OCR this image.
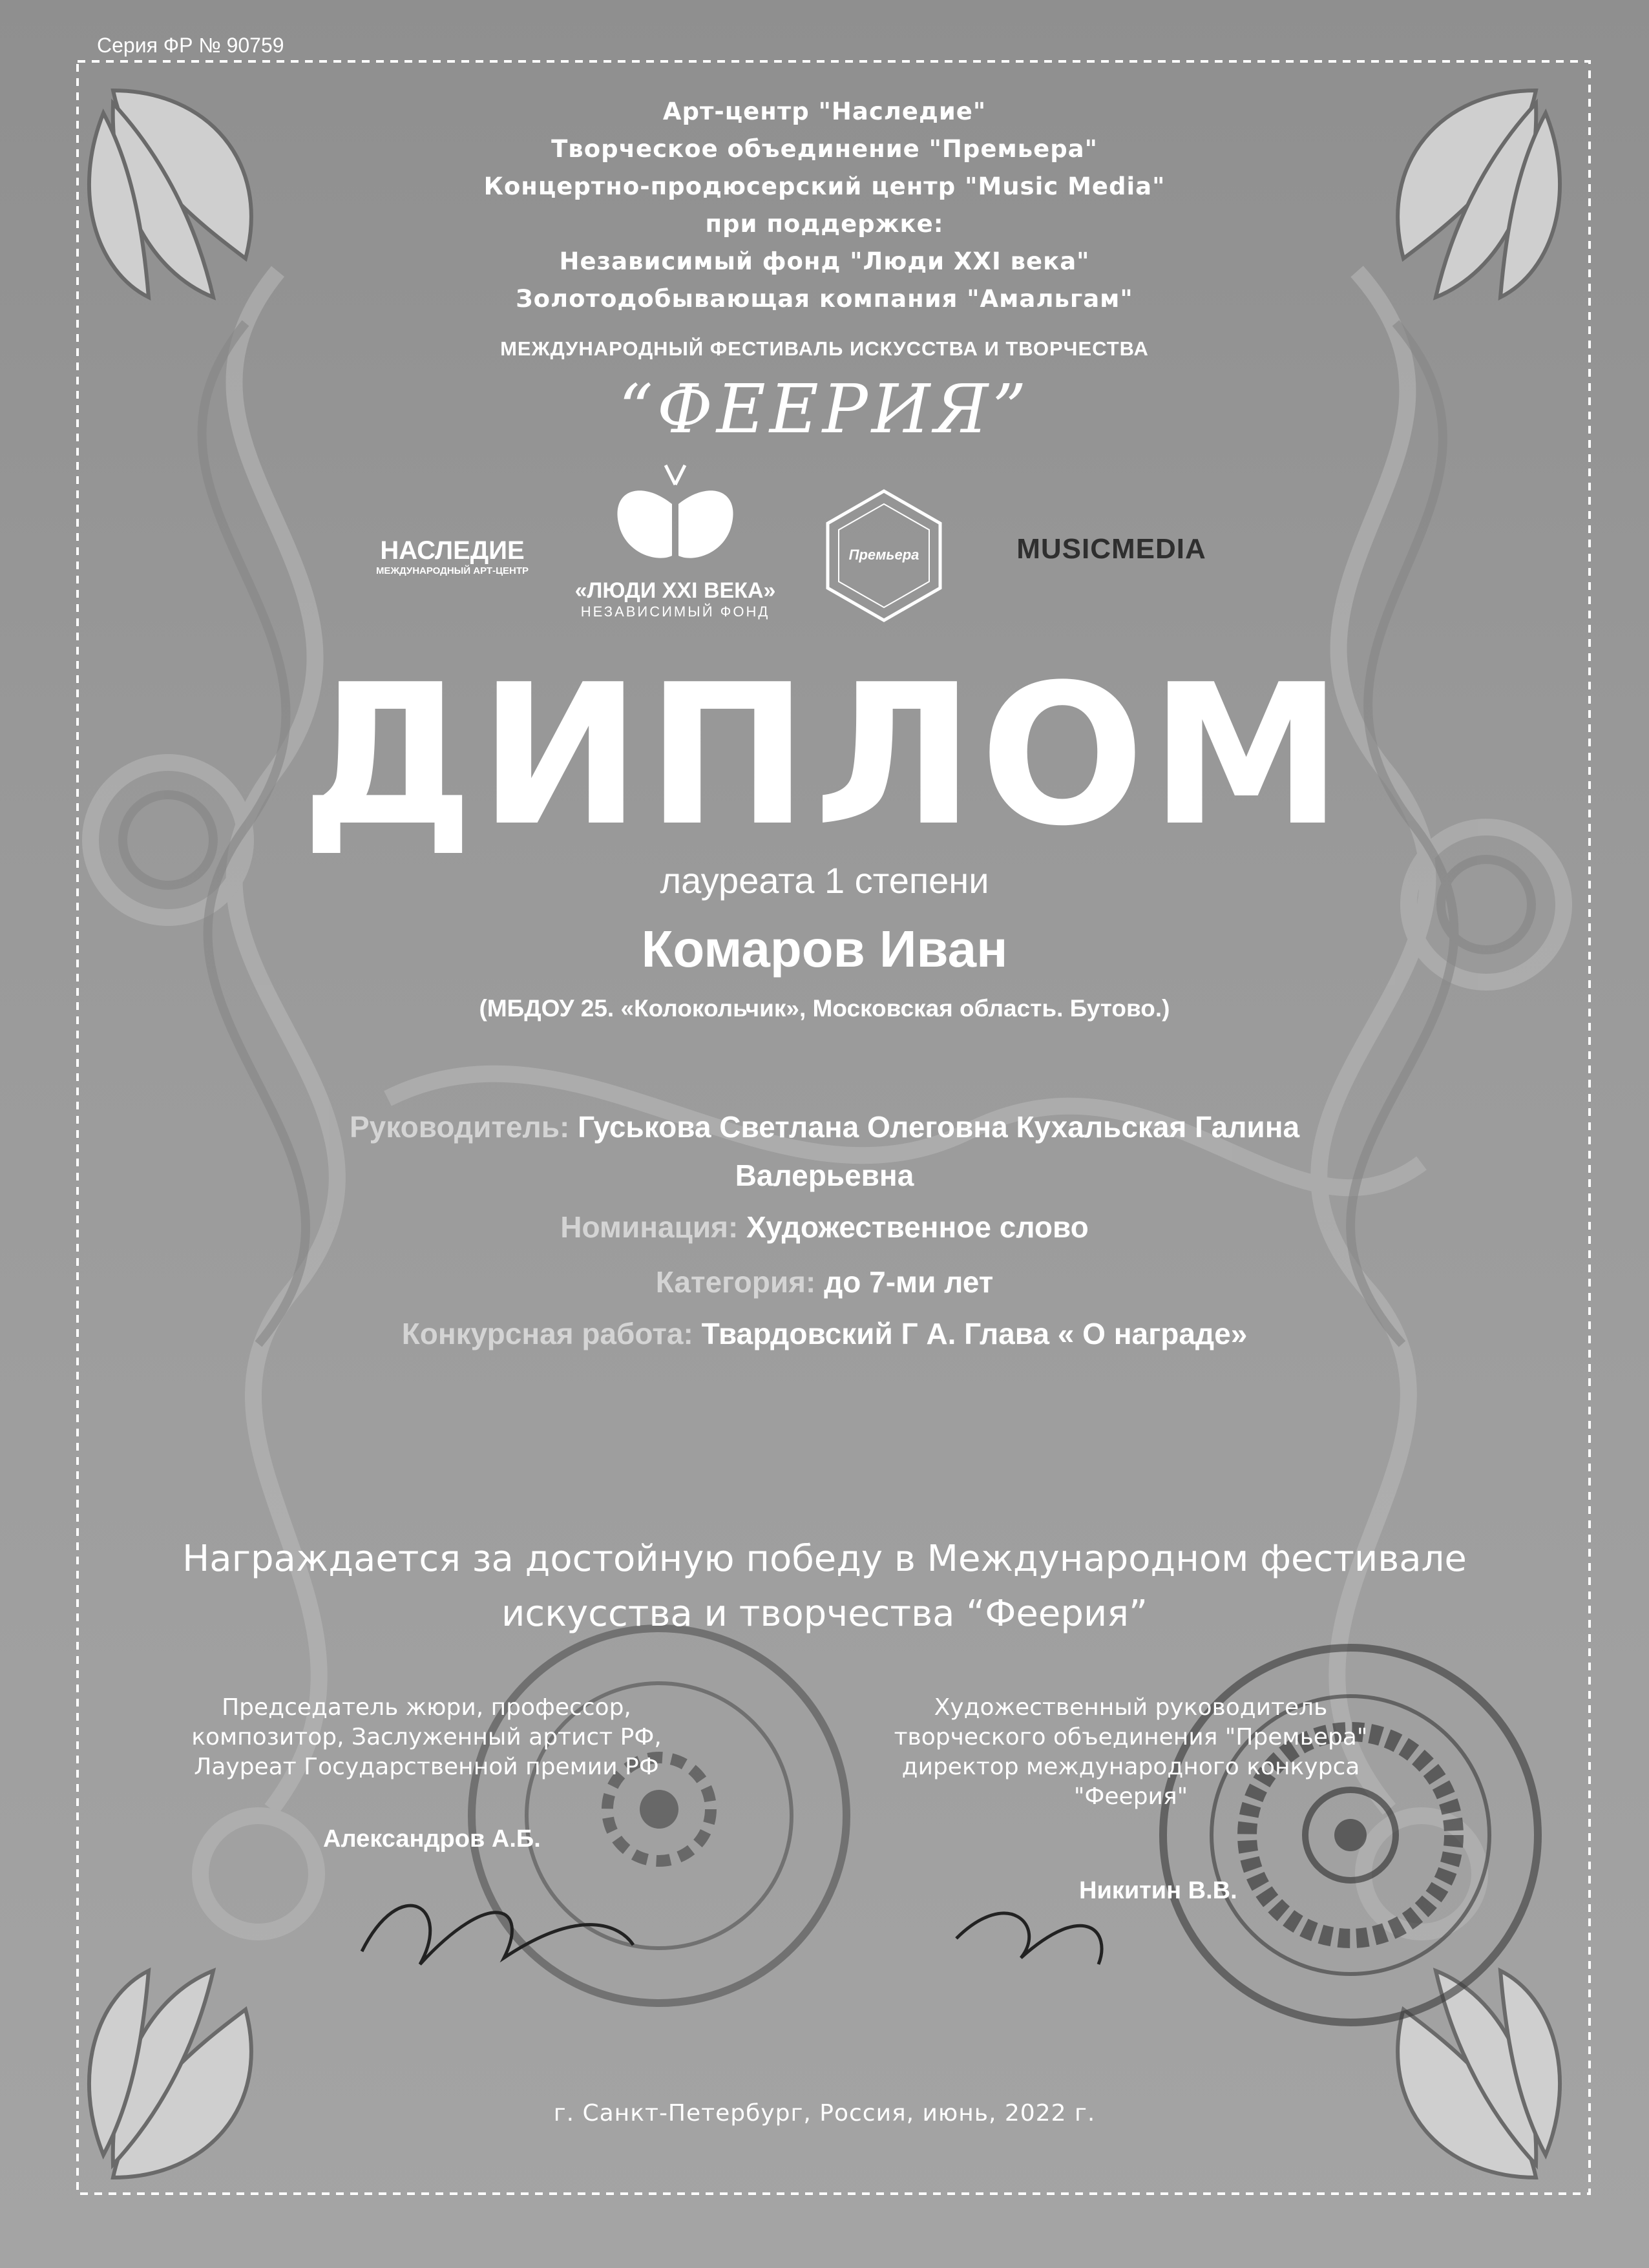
Серия ФР № 90759
Арт-центр "Наследие"
Творческое объединение "Премьера"
Концертно-продюсерский центр "Music Media"
при поддержке:
Независимый фонд "Люди XXI века"
Золотодобывающая компания "Амальгам"
МЕЖДУНАРОДНЫЙ ФЕСТИВАЛЬ ИСКУССТВА И ТВОРЧЕСТВА
“ФЕЕРИЯ”
НАСЛЕДИЕ
МЕЖДУНАРОДНЫЙ АРТ-ЦЕНТР
«ЛЮДИ XXI ВЕКА»
НЕЗАВИСИМЫЙ ФОНД
Премьера	MUSICMEDIA
ДИПЛОМ
лауреата 1 степени
Комаров Иван
(МБДОУ 25. «Колокольчик», Московская область. Бутово.)
Руководитель: Гуськова Светлана Олеговна Кухальская Галина
Валерьевна
Номинация: Художественное слово
Категория: до 7-ми лет
Конкурсная работа: Твардовский Г А. Глава « О награде»
Награждается за достойную победу в Международном фестивале
искусства и творчества “Феерия”
Председатель жюри, профессор,
композитор, Заслуженный артист РФ,
Лауреат Государственной премии РФ
Александров А.Б.
Художественный руководитель
творческого объединения "Премьера"
директор международного конкурса
"Феерия"
Никитин В.В.
г. Санкт-Петербург, Россия, июнь, 2022 г.
